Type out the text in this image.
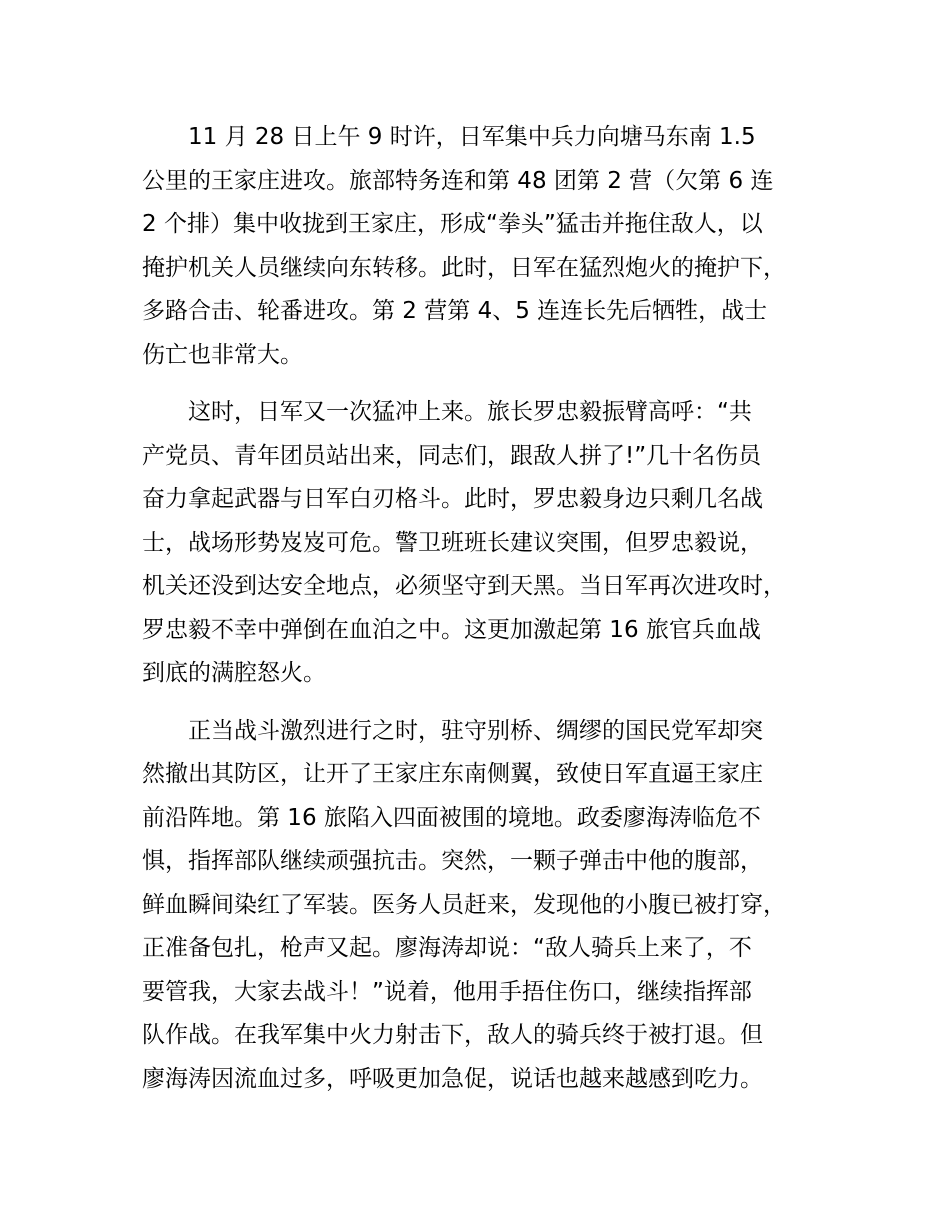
　　11 月 28 日上午 9 时许，日军集中兵力向塘马东南 1.5
公里的王家庄进攻。旅部特务连和第 48 团第 2 营（欠第 6 连
2 个排）集中收拢到王家庄，形成“拳头”猛击并拖住敌人，以
掩护机关人员继续向东转移。此时，日军在猛烈炮火的掩护下，
多路合击、轮番进攻。第 2 营第 4、5 连连长先后牺牲，战士
伤亡也非常大。
　　这时，日军又一次猛冲上来。旅长罗忠毅振臂高呼：“共
产党员、青年团员站出来，同志们，跟敌人拼了!”几十名伤员
奋力拿起武器与日军白刃格斗。此时，罗忠毅身边只剩几名战
士，战场形势岌岌可危。警卫班班长建议突围，但罗忠毅说，
机关还没到达安全地点，必须坚守到天黑。当日军再次进攻时，
罗忠毅不幸中弹倒在血泊之中。这更加激起第 16 旅官兵血战
到底的满腔怒火。
　　正当战斗激烈进行之时，驻守别桥、绸缪的国民党军却突
然撤出其防区，让开了王家庄东南侧翼，致使日军直逼王家庄
前沿阵地。第 16 旅陷入四面被围的境地。政委廖海涛临危不
惧，指挥部队继续顽强抗击。突然，一颗子弹击中他的腹部，
鲜血瞬间染红了军装。医务人员赶来，发现他的小腹已被打穿，
正准备包扎，枪声又起。廖海涛却说：“敌人骑兵上来了，不
要管我，大家去战斗！”说着，他用手捂住伤口，继续指挥部
队作战。在我军集中火力射击下，敌人的骑兵终于被打退。但
廖海涛因流血过多，呼吸更加急促，说话也越来越感到吃力。
